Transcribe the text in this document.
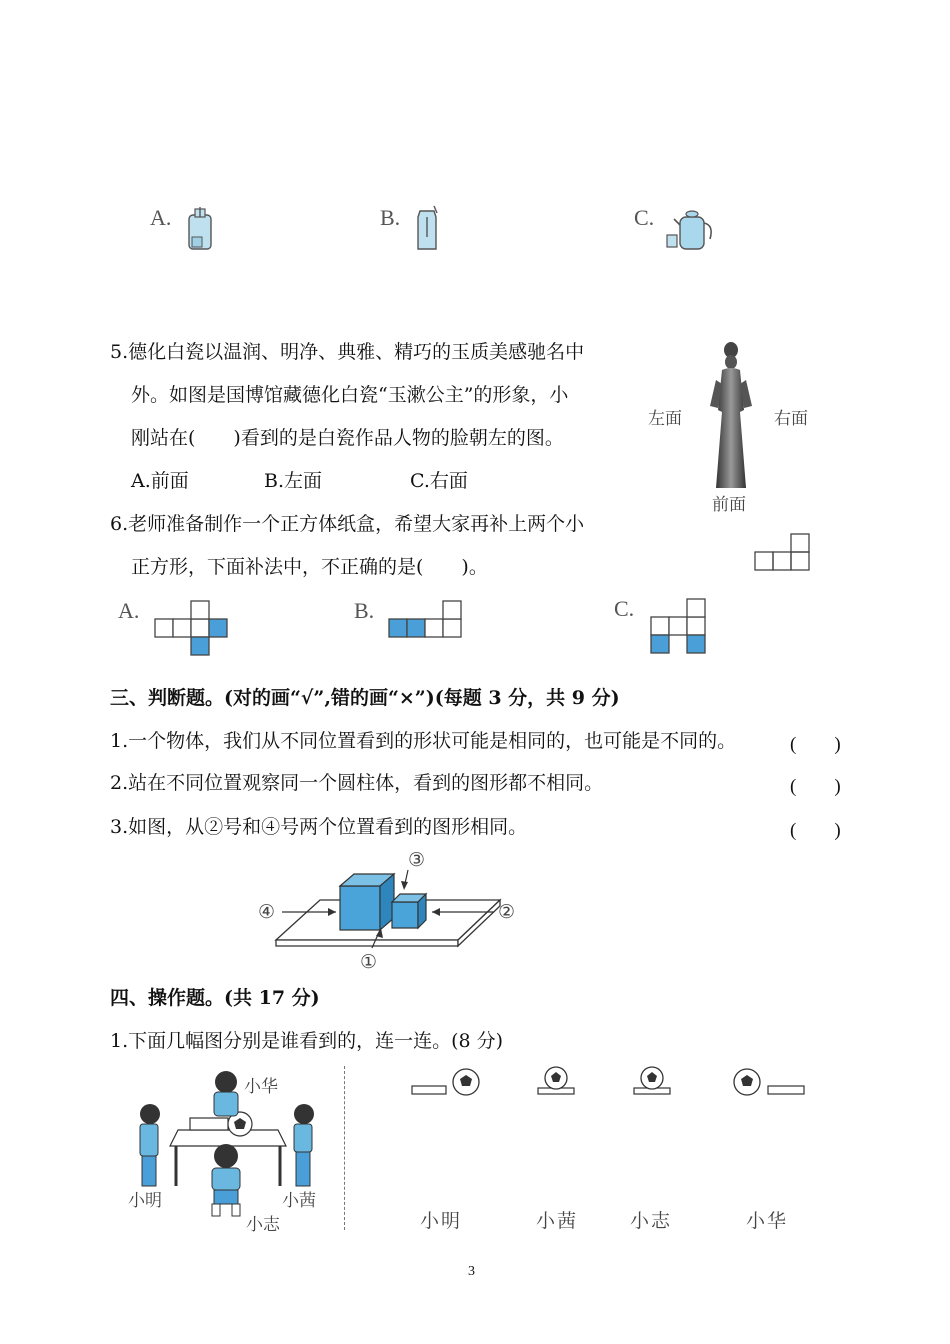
A.	B.	C.
5.德化白瓷以温润、明净、典雅、精巧的玉质美感驰名中
外。如图是国博馆藏德化白瓷“玉漱公主”的形象，小
刚站在(　　)看到的是白瓷作品人物的脸朝左的图。
A.前面	B.左面	C.右面
左面	右面
前面
6.老师准备制作一个正方体纸盒，希望大家再补上两个小
正方形，下面补法中，不正确的是(　　)。
A.	B.	C.
三、判断题。(对的画“√”,错的画“×”)(每题 3 分，共 9 分)
1.一个物体，我们从不同位置看到的形状可能是相同的，也可能是不同的。	(　　)
2.站在不同位置观察同一个圆柱体，看到的图形都不相同。	(　　)
3.如图，从②号和④号两个位置看到的图形相同。	(　　)
①
②
③
④
四、操作题。(共 17 分)
1.下面几幅图分别是谁看到的，连一连。(8 分)
小华
小明	小茜
小志	小明	小茜	小志	小华
3
